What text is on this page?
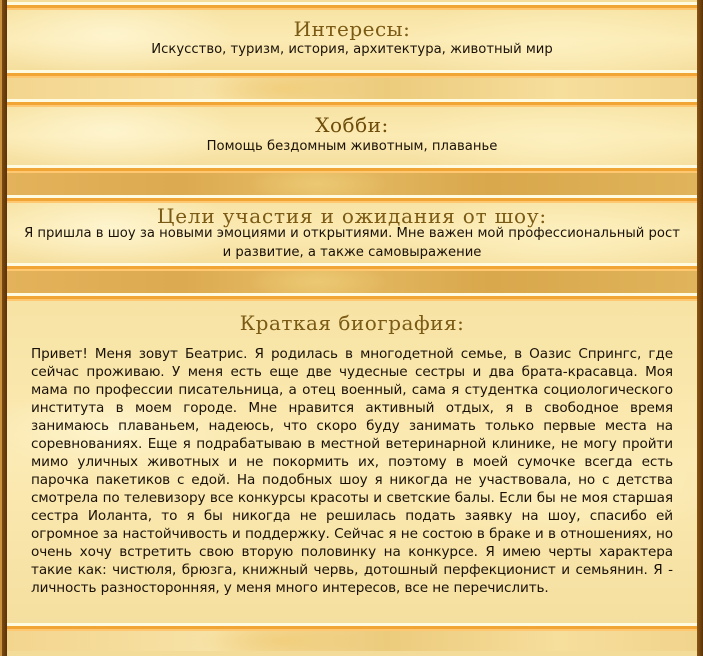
Интересы:
Искусство, туризм, история, архитектура, животный мир
Хобби:
Помощь бездомным животным, плаванье
Цели участия и ожидания от шоу:
Я пришла в шоу за новыми эмоциями и открытиями. Мне важен мой профессиональный рост и развитие, а также самовыражение
Краткая биография:
Привет! Меня зовут Беатрис. Я родилась в многодетной семье, в Оазис Спрингс, где сейчас проживаю. У меня есть еще две чудесные сестры и два брата-красавца. Моя мама по профессии писательница, а отец военный, сама я студентка социологического института в моем городе. Мне нравится активный отдых, я в свободное время занимаюсь плаваньем, надеюсь, что скоро буду занимать только первые места на соревнованиях. Еще я подрабатываю в местной ветеринарной клинике, не могу пройти мимо уличных животных и не покормить их, поэтому в моей сумочке всегда есть парочка пакетиков с едой. На подобных шоу я никогда не участвовала, но с детства смотрела по телевизору все конкурсы красоты и светские балы. Если бы не моя старшая сестра Иоланта, то я бы никогда не решилась подать заявку на шоу, спасибо ей огромное за настойчивость и поддержку. Сейчас я не состою в браке и в отношениях, но очень хочу встретить свою вторую половинку на конкурсе. Я имею черты характера такие как: чистюля, брюзга, книжный червь, дотошный перфекционист и семьянин. Я - личность разносторонняя, у меня много интересов, все не перечислить.
